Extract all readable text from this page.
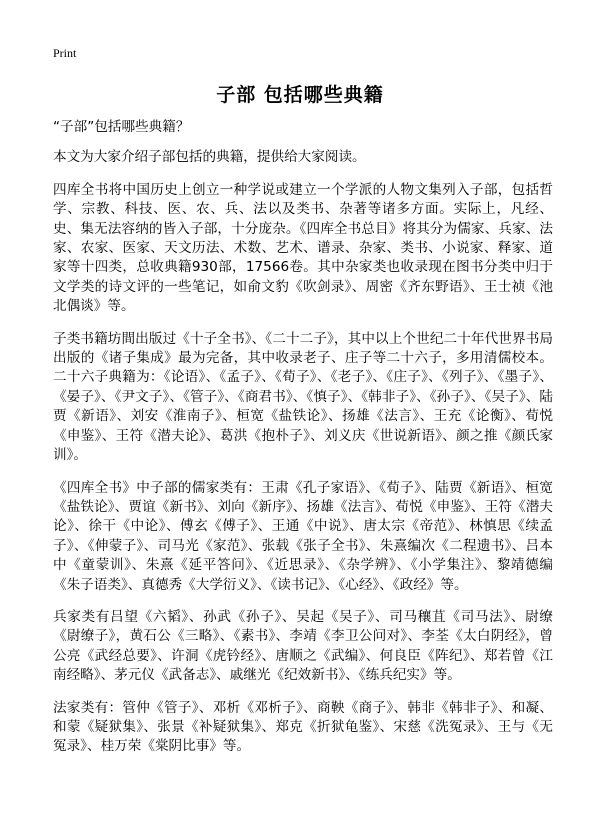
Print
子部 包括哪些典籍

“子部”包括哪些典籍？

本文为大家介绍子部包括的典籍，提供给大家阅读。

四库全书将中国历史上创立一种学说或建立一个学派的人物文集列入子部，包括哲学、宗教、科技、医、农、兵、法以及类书、杂著等诸多方面。实际上，凡经、史、集无法容纳的皆入子部，十分庞杂。《四库全书总目》将其分为儒家、兵家、法家、农家、医家、天文历法、术数、艺术、谱录、杂家、类书、小说家、释家、道家等十四类，总收典籍930部，17566卷。其中杂家类也收录现在图书分类中归于文学类的诗文评的一些笔记，如俞文豹《吹剑录》、周密《齐东野语》、王士祯《池北偶谈》等。

子类书籍坊間出版过《十子全书》、《二十二子》，其中以上个世纪二十年代世界书局出版的《诸子集成》最为完备，其中收录老子、庄子等二十六子，多用清儒校本。二十六子典籍为：《论语》、《孟子》、《荀子》、《老子》、《庄子》、《列子》、《墨子》、《晏子》、《尹文子》、《管子》、《商君书》、《慎子》、《韩非子》、《孙子》、《吴子》、陆贾《新语》、刘安《淮南子》、桓宽《盐铁论》、扬雄《法言》、王充《论衡》、荀悦《申鉴》、王符《潜夫论》、葛洪《抱朴子》、刘义庆《世说新语》、颜之推《颜氏家训》。

《四库全书》中子部的儒家类有：王肃《孔子家语》、《荀子》、陆贾《新语》、桓宽《盐铁论》、贾谊《新书》、刘向《新序》、扬雄《法言》、荀悦《申鉴》、王符《潜夫论》、徐干《中论》、傅玄《傅子》、王通《中说》、唐太宗《帝范》、林慎思《续孟子》、《伸蒙子》、司马光《家范》、张载《张子全书》、朱熹编次《二程遗书》、吕本中《童蒙训》、朱熹《延平答问》、《近思录》、《杂学辨》、《小学集注》、黎靖德编《朱子语类》、真德秀《大学衍义》、《读书记》、《心经》、《政经》等。

兵家类有吕望《六韬》、孙武《孙子》、吴起《吴子》、司马穰苴《司马法》、尉缭《尉缭子》，黄石公《三略》、《素书》、李靖《李卫公问对》、李荃《太白阴经》，曾公亮《武经总要》、许洞《虎钤经》、唐顺之《武编》、何良臣《阵纪》、郑若曾《江南经略》、茅元仪《武备志》、戚继光《纪效新书》、《练兵纪实》等。

法家类有：管仲《管子》、邓析《邓析子》、商鞅《商子》、韩非《韩非子》、和凝、和蒙《疑狱集》、张景《补疑狱集》、郑克《折狱龟鉴》、宋慈《洗冤录》、王与《无冤录》、桂万荣《棠阴比事》等。
